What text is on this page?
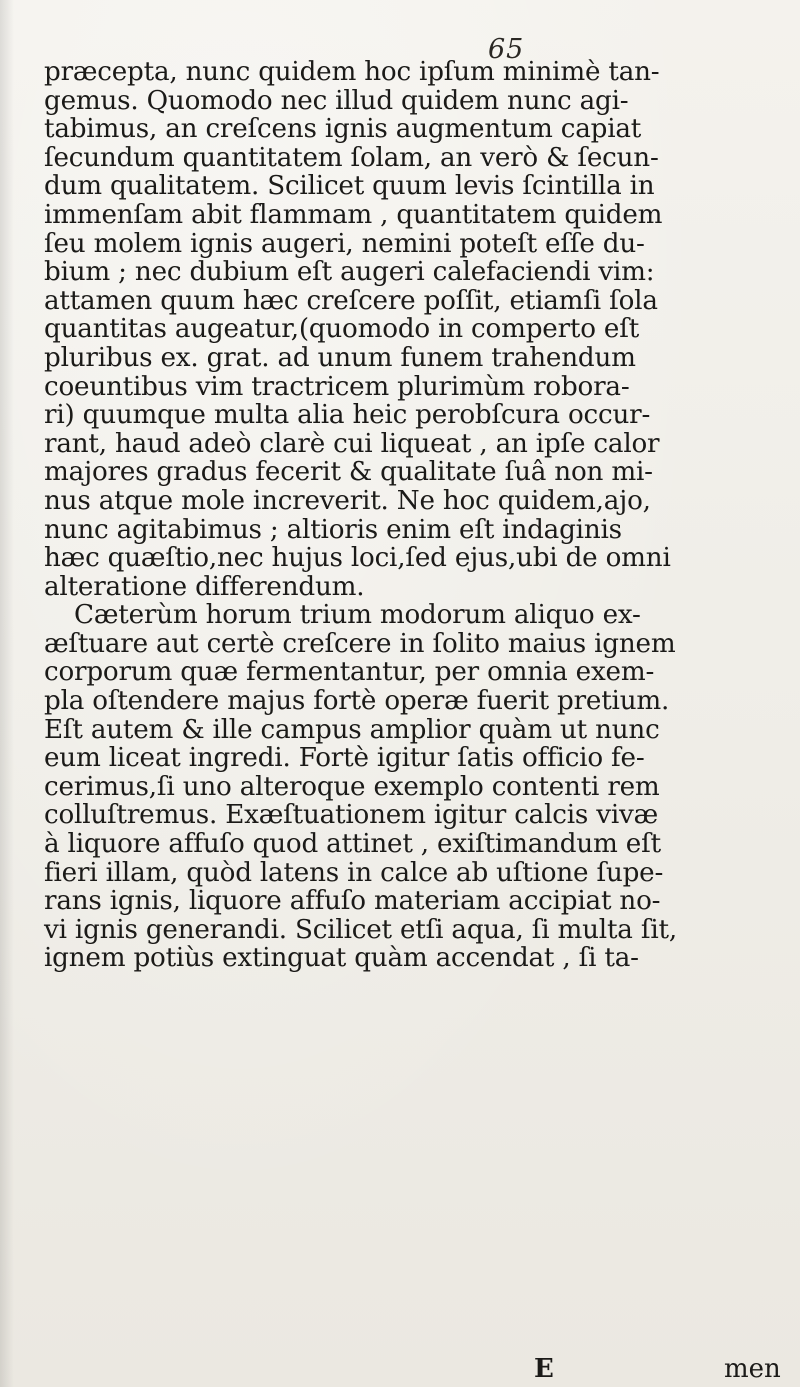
65
præcepta, nunc quidem hoc ipſum minimè tan-
gemus. Quomodo nec illud quidem nunc agi-
tabimus, an creſcens ignis augmentum capiat
ſecundum quantitatem ſolam, an verò & ſecun-
dum qualitatem. Scilicet quum levis ſcintilla in
immenſam abit flammam , quantitatem quidem
ſeu molem ignis augeri, nemini poteſt eſſe du-
bium ; nec dubium eſt augeri calefaciendi vim:
attamen quum hæc creſcere poſſit, etiamſi ſola
quantitas augeatur,(quomodo in comperto eſt
pluribus ex. grat. ad unum funem trahendum
coeuntibus vim tractricem plurimùm robora-
ri) quumque multa alia heic perobſcura occur-
rant, haud adeò clarè cui liqueat , an ipſe calor
majores gradus fecerit & qualitate ſuâ non mi-
nus atque mole increverit. Ne hoc quidem,ajo,
nunc agitabimus ; altioris enim eſt indaginis
hæc quæſtio,nec hujus loci,ſed ejus,ubi de omni
alteratione differendum.
Cæterùm horum trium modorum aliquo ex-
æſtuare aut certè creſcere in ſolito maius ignem
corporum quæ fermentantur, per omnia exem-
pla oſtendere majus fortè operæ fuerit pretium.
Eſt autem & ille campus amplior quàm ut nunc
eum liceat ingredi. Fortè igitur ſatis officio fe-
cerimus,ſi uno alteroque exemplo contenti rem
colluſtremus. Exæſtuationem igitur calcis vivæ
à liquore affuſo quod attinet , exiſtimandum eſt
fieri illam, quòd latens in calce ab uſtione ſupe-
rans ignis, liquore affuſo materiam accipiat no-
vi ignis generandi. Scilicet etſi aqua, ſi multa ſit,
ignem potiùs extinguat quàm accendat , ſi ta-
E	men
